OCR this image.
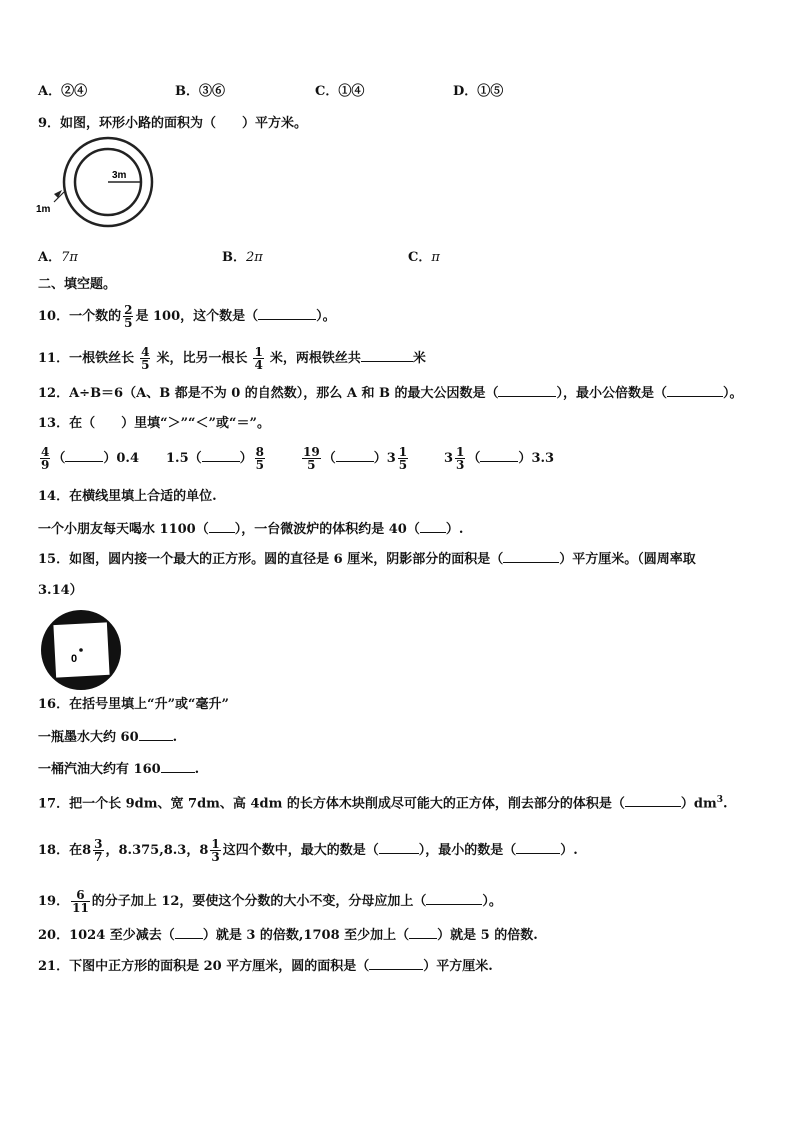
A．②④	B．③⑥	C．①④	D．①⑤
9．如图，环形小路的面积为（　　）平方米。
3m
1m
A．7π	B．2π	C．π
二、填空题。
10．一个数的 $\frac{2}{5}$ 是 100，这个数是（	）。
11．一根铁丝长 $\frac{4}{5}$ 米，比另一根长 $\frac{1}{4}$ 米，两根铁丝共	米
12．A÷B＝6（A、B 都是不为 0 的自然数），那么 A 和 B 的最大公因数是（	），最小公倍数是（	）。
13．在（　　）里填“＞”“＜”或“＝”。
$\frac{4}{9}$ （	）0.4 1.5（	） $\frac{8}{5}$	$\frac{19}{5}$ （	）$3 \frac{1}{5}$	$3 \frac{1}{3}$ （	）3.3
14．在横线里填上合适的单位.
一个小朋友每天喝水 1100（ ），一台微波炉的体积约是 40（ ）.
15．如图，圆内接一个最大的正方形。圆的直径是 6 厘米，阴影部分的面积是（	）平方厘米。（圆周率取
3.14）
0
16．在括号里填上“升”或“毫升”
一瓶墨水大约 60	.
一桶汽油大约有 160	.
17．把一个长 9dm、宽 7dm、高 4dm 的长方体木块削成尽可能大的正方体，削去部分的体积是（	）$dm^3$.
18．在$8 \frac{3}{7}$ ，8.375,8.3，$8 \frac{1}{3}$ 这四个数中，最大的数是（	），最小的数是（	）.
19． $\frac{6}{11}$ 的分子加上 12，要使这个分数的大小不变，分母应加上（	）。
20．1024 至少减去（ ）就是 3 的倍数,1708 至少加上（ ）就是 5 的倍数.
21．下图中正方形的面积是 20 平方厘米，圆的面积是（	）平方厘米.
